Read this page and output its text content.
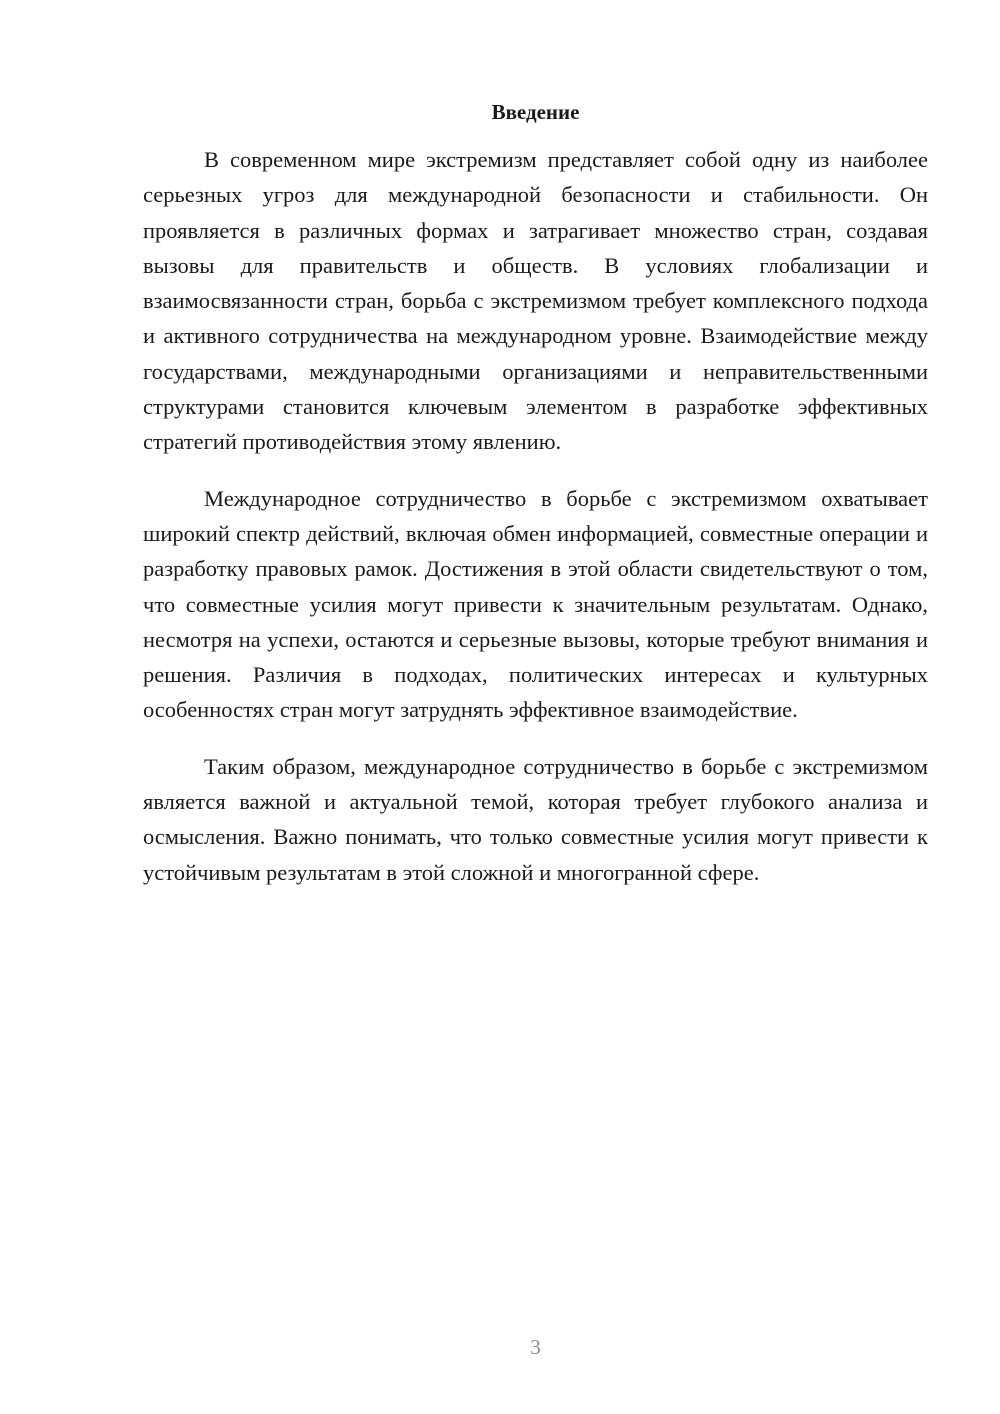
Введение

В современном мире экстремизм представляет собой одну из наиболее серьезных угроз для международной безопасности и стабильности. Он проявляется в различных формах и затрагивает множество стран, создавая вызовы для правительств и обществ. В условиях глобализации и взаимосвязанности стран, борьба с экстремизмом требует комплексного подхода и активного сотрудничества на международном уровне. Взаимодействие между государствами, международными организациями и неправительственными структурами становится ключевым элементом в разработке эффективных стратегий противодействия этому явлению.

Международное сотрудничество в борьбе с экстремизмом охватывает широкий спектр действий, включая обмен информацией, совместные операции и разработку правовых рамок. Достижения в этой области свидетельствуют о том, что совместные усилия могут привести к значительным результатам. Однако, несмотря на успехи, остаются и серьезные вызовы, которые требуют внимания и решения. Различия в подходах, политических интересах и культурных особенностях стран могут затруднять эффективное взаимодействие.

Таким образом, международное сотрудничество в борьбе с экстремизмом является важной и актуальной темой, которая требует глубокого анализа и осмысления. Важно понимать, что только совместные усилия могут привести к устойчивым результатам в этой сложной и многогранной сфере.

3
